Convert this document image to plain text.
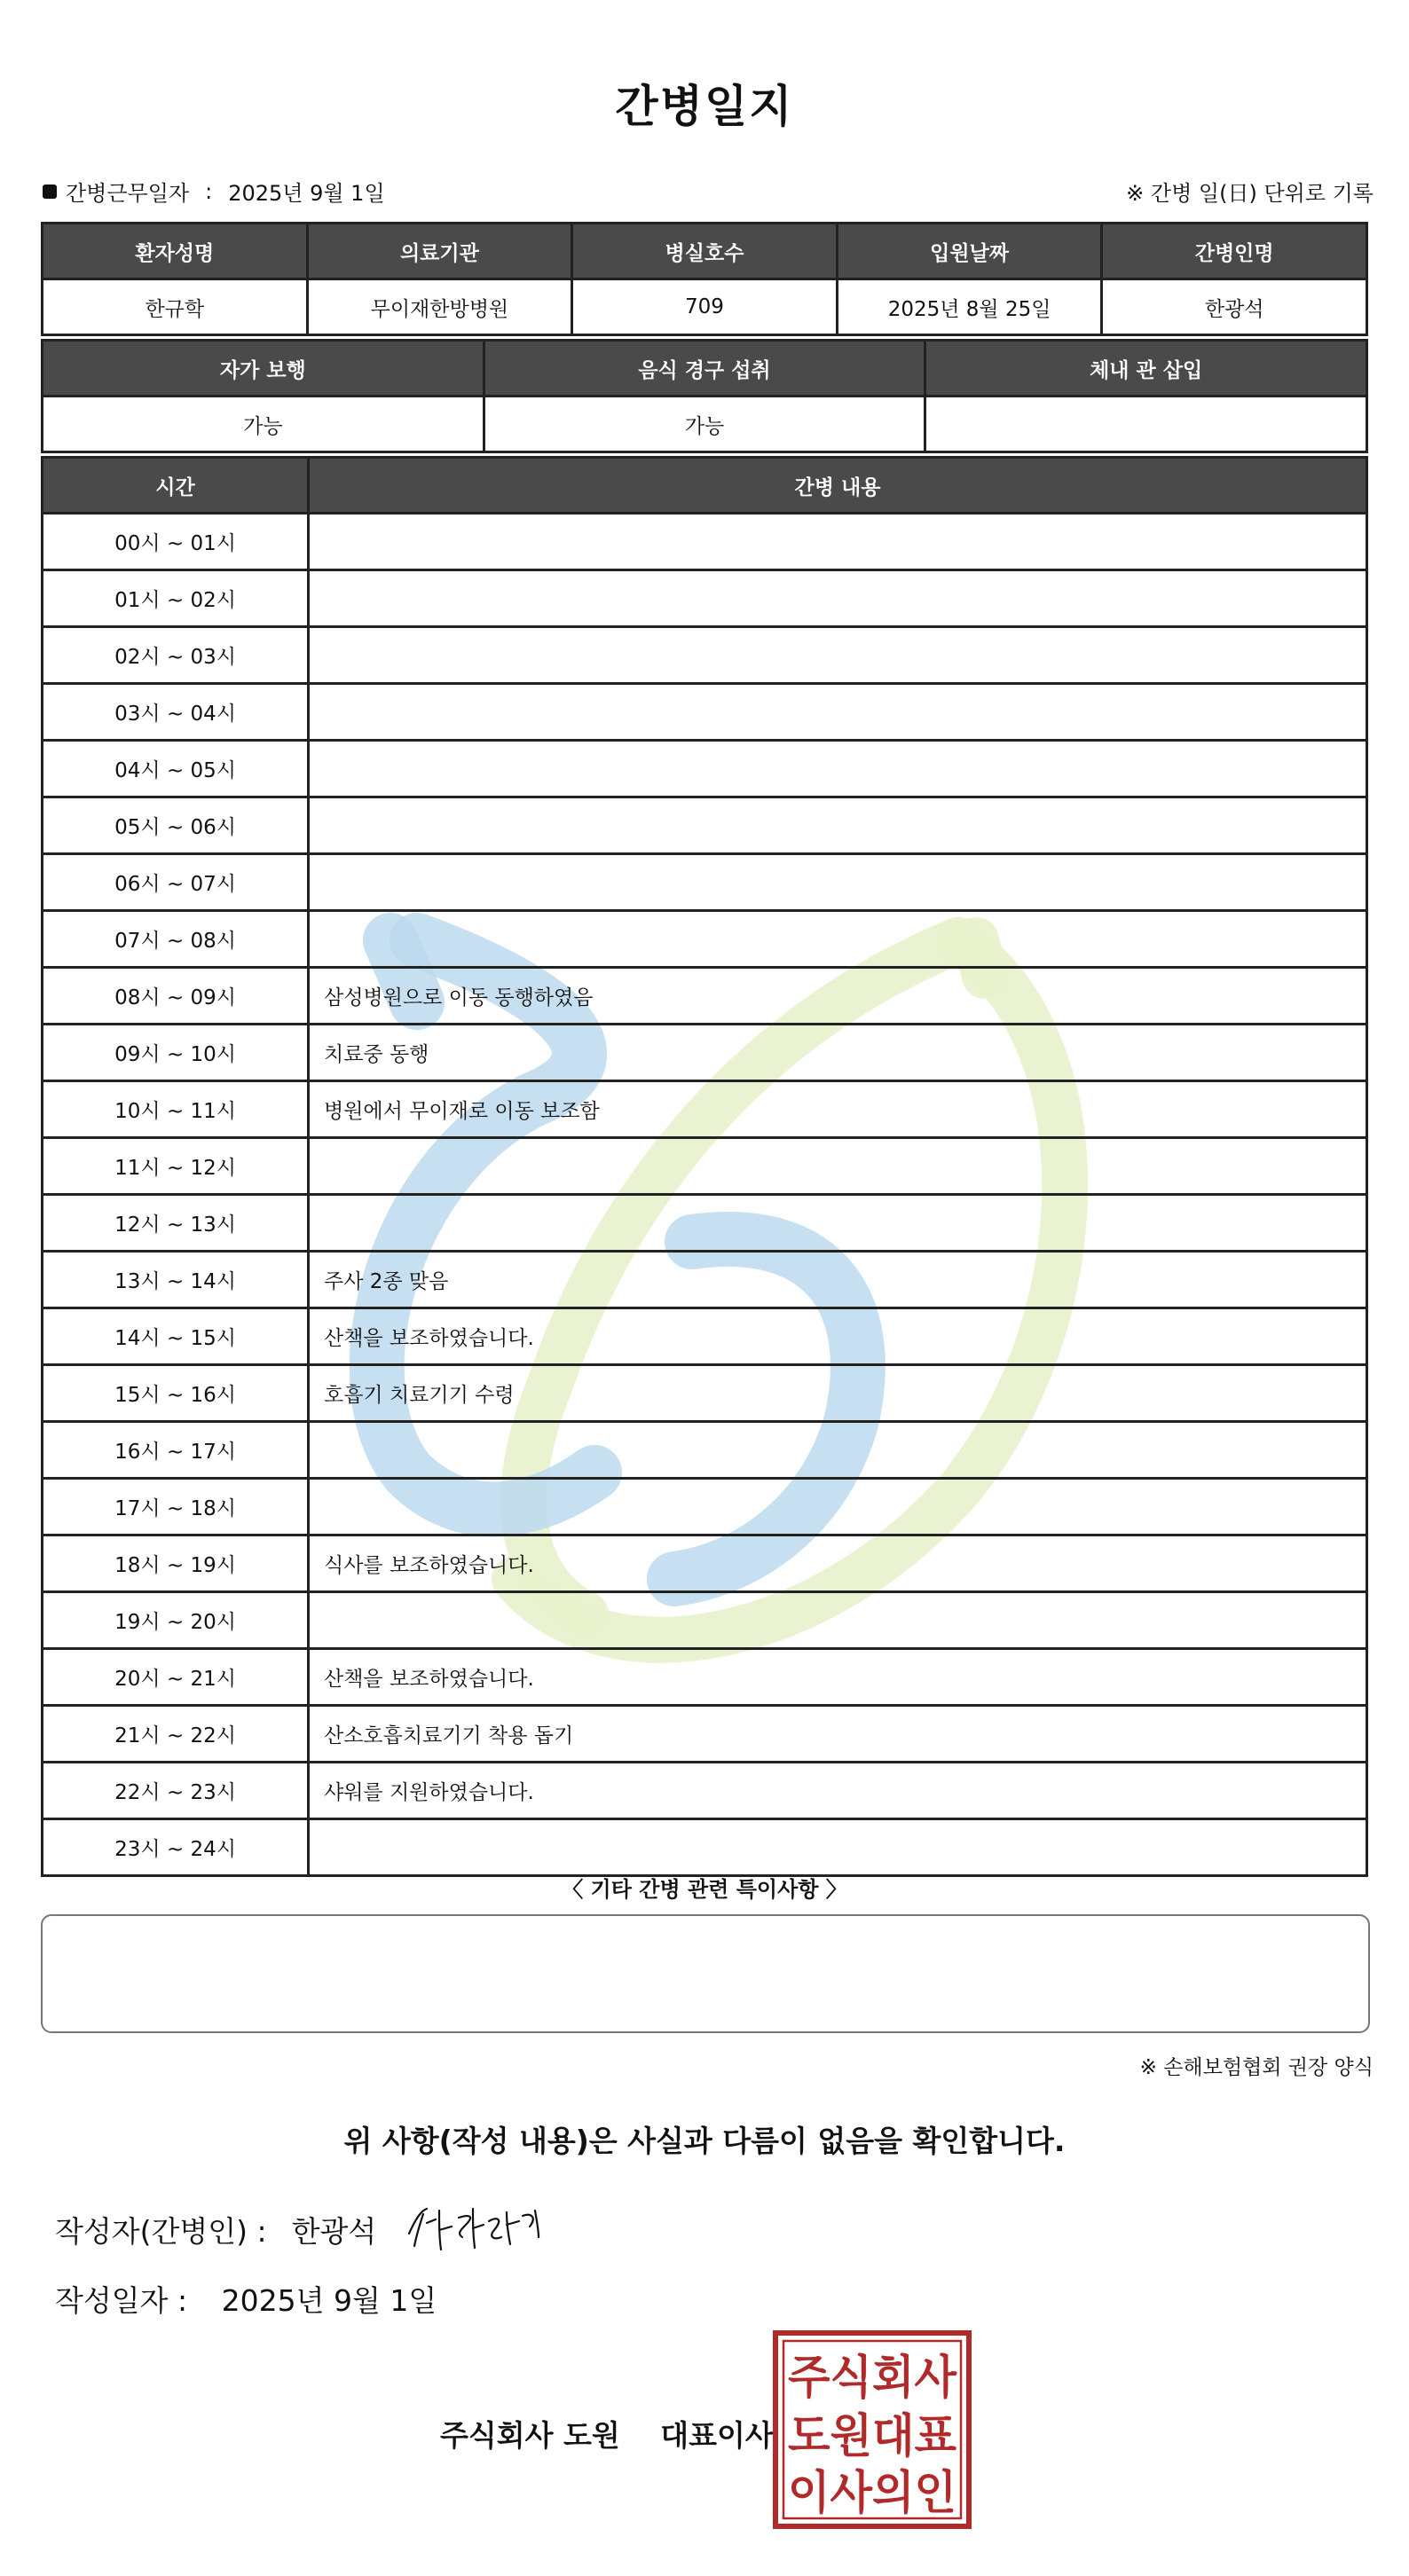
간병일지
간병근무일자 : 2025년 9월 1일	※ 간병 일(日) 단위로 기록
환자성명	의료기관	병실호수	입원날짜	간병인명
한규학	무이재한방병원	709	2025년 8월 25일	한광석
자가 보행	음식 경구 섭취	체내 관 삽입
가능	가능	
시간	간병 내용
00시 ~ 01시	
01시 ~ 02시	
02시 ~ 03시	
03시 ~ 04시	
04시 ~ 05시	
05시 ~ 06시	
06시 ~ 07시	
07시 ~ 08시	
08시 ~ 09시	삼성병원으로 이동 동행하였음
09시 ~ 10시	치료중 동행
10시 ~ 11시	병원에서 무이재로 이동 보조함
11시 ~ 12시	
12시 ~ 13시	
13시 ~ 14시	주사 2종 맞음
14시 ~ 15시	산책을 보조하였습니다.
15시 ~ 16시	호흡기 치료기기 수령
16시 ~ 17시	
17시 ~ 18시	
18시 ~ 19시	식사를 보조하였습니다.
19시 ~ 20시	
20시 ~ 21시	산책을 보조하였습니다.
21시 ~ 22시	산소호흡치료기기 착용 돕기
22시 ~ 23시	샤워를 지원하였습니다.
23시 ~ 24시	
〈 기타 간병 관련 특이사항 〉
※ 손해보험협회 권장 양식
위 사항(작성 내용)은 사실과 다름이 없음을 확인합니다.
작성자(간병인) : 한광석
작성일자 : 2025년 9월 1일
주식회사 도원 대표이사
주식회사
도원대표
이사의인
